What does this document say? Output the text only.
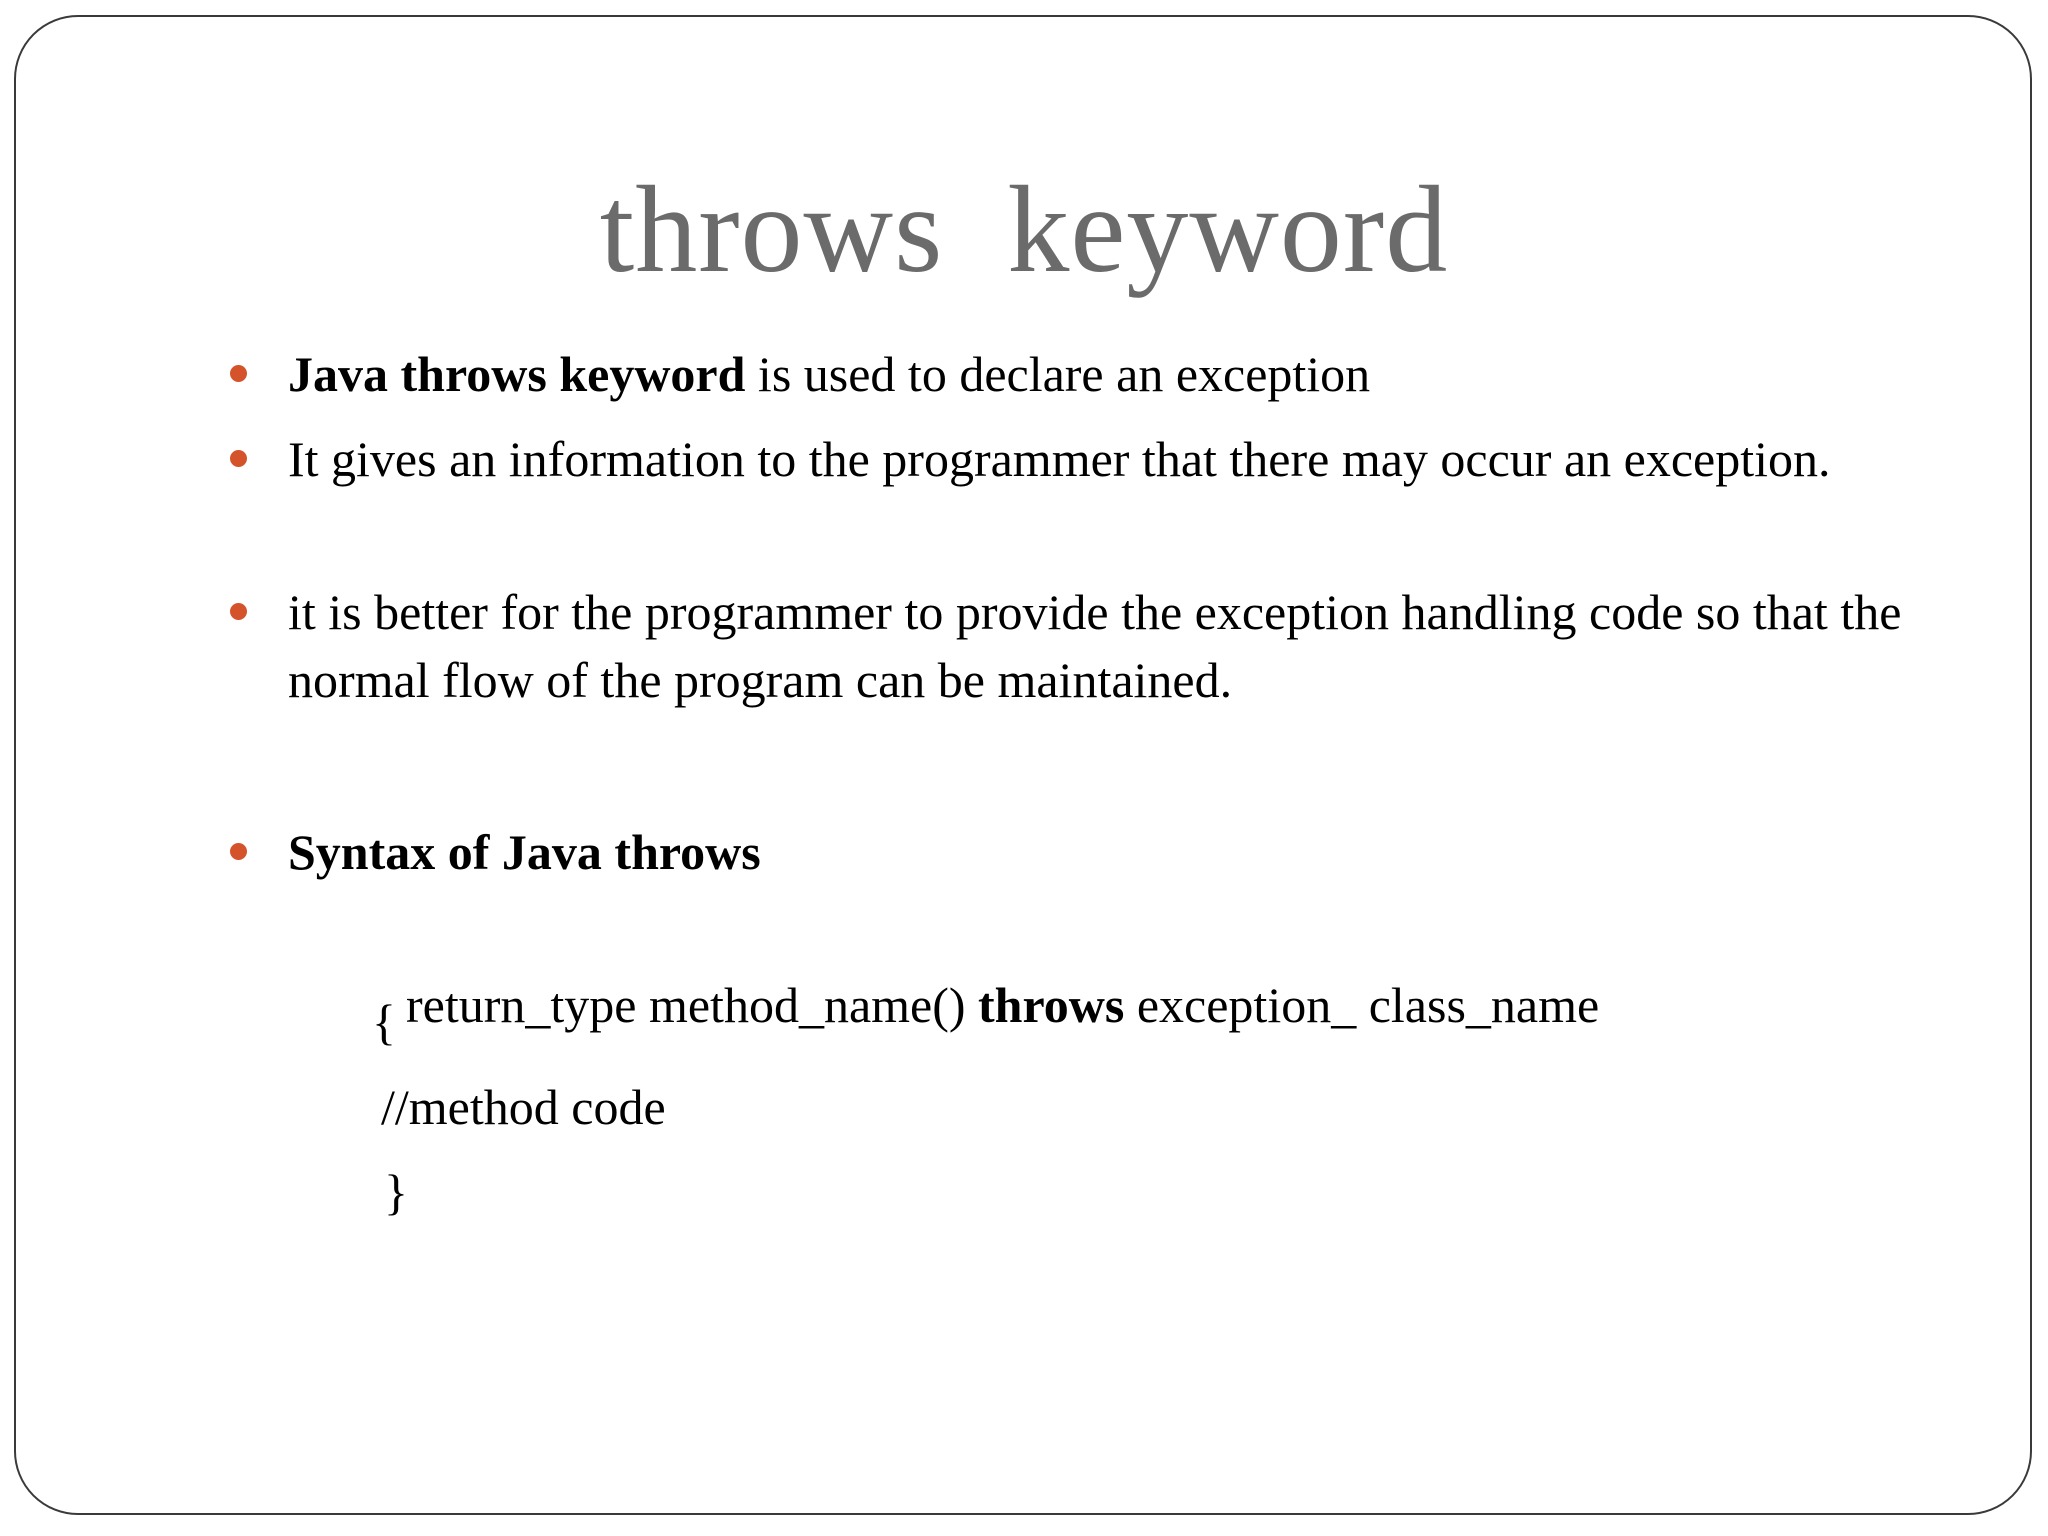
throws  keyword
Java throws keyword is used to declare an exception
It gives an information to the programmer that there may occur an exception.
it is better for the programmer to provide the exception handling code so that the normal flow of the program can be maintained.
Syntax of Java throws

return_type method_name() throws exception_ class_name

{
//method code
}
